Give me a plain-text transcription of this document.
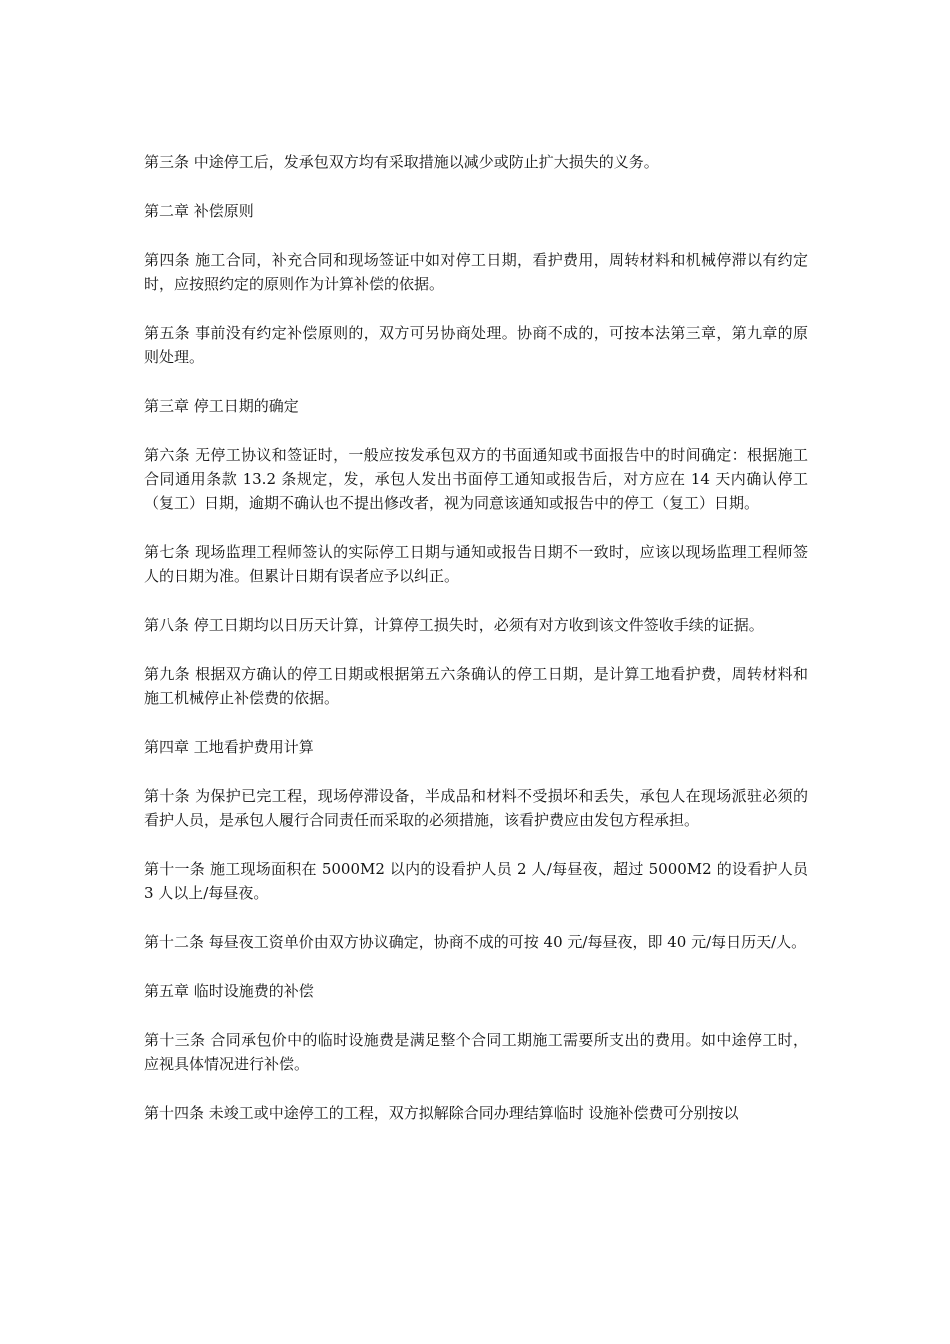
第三条 中途停工后，发承包双方均有采取措施以减少或防止扩大损失的义务。

第二章 补偿原则

第四条 施工合同，补充合同和现场签证中如对停工日期，看护费用，周转材料和机械停滞以有约定时，应按照约定的原则作为计算补偿的依据。

第五条 事前没有约定补偿原则的，双方可另协商处理。协商不成的，可按本法第三章，第九章的原则处理。

第三章 停工日期的确定

第六条 无停工协议和签证时，一般应按发承包双方的书面通知或书面报告中的时间确定：根据施工合同通用条款 13.2 条规定，发，承包人发出书面停工通知或报告后，对方应在 14 天内确认停工（复工）日期，逾期不确认也不提出修改者，视为同意该通知或报告中的停工（复工）日期。

第七条 现场监理工程师签认的实际停工日期与通知或报告日期不一致时，应该以现场监理工程师签人的日期为准。但累计日期有误者应予以纠正。

第八条 停工日期均以日历天计算，计算停工损失时，必须有对方收到该文件签收手续的证据。

第九条 根据双方确认的停工日期或根据第五六条确认的停工日期，是计算工地看护费，周转材料和施工机械停止补偿费的依据。

第四章 工地看护费用计算

第十条 为保护已完工程，现场停滞设备，半成品和材料不受损坏和丢失，承包人在现场派驻必须的看护人员，是承包人履行合同责任而采取的必须措施，该看护费应由发包方程承担。

第十一条 施工现场面积在 5000M2 以内的设看护人员 2 人/每昼夜，超过 5000M2 的设看护人员 3 人以上/每昼夜。

第十二条 每昼夜工资单价由双方协议确定，协商不成的可按 40 元/每昼夜，即 40 元/每日历天/人。

第五章 临时设施费的补偿

第十三条 合同承包价中的临时设施费是满足整个合同工期施工需要所支出的费用。如中途停工时，应视具体情况进行补偿。

第十四条 未竣工或中途停工的工程，双方拟解除合同办理结算临时 设施补偿费可分别按以
